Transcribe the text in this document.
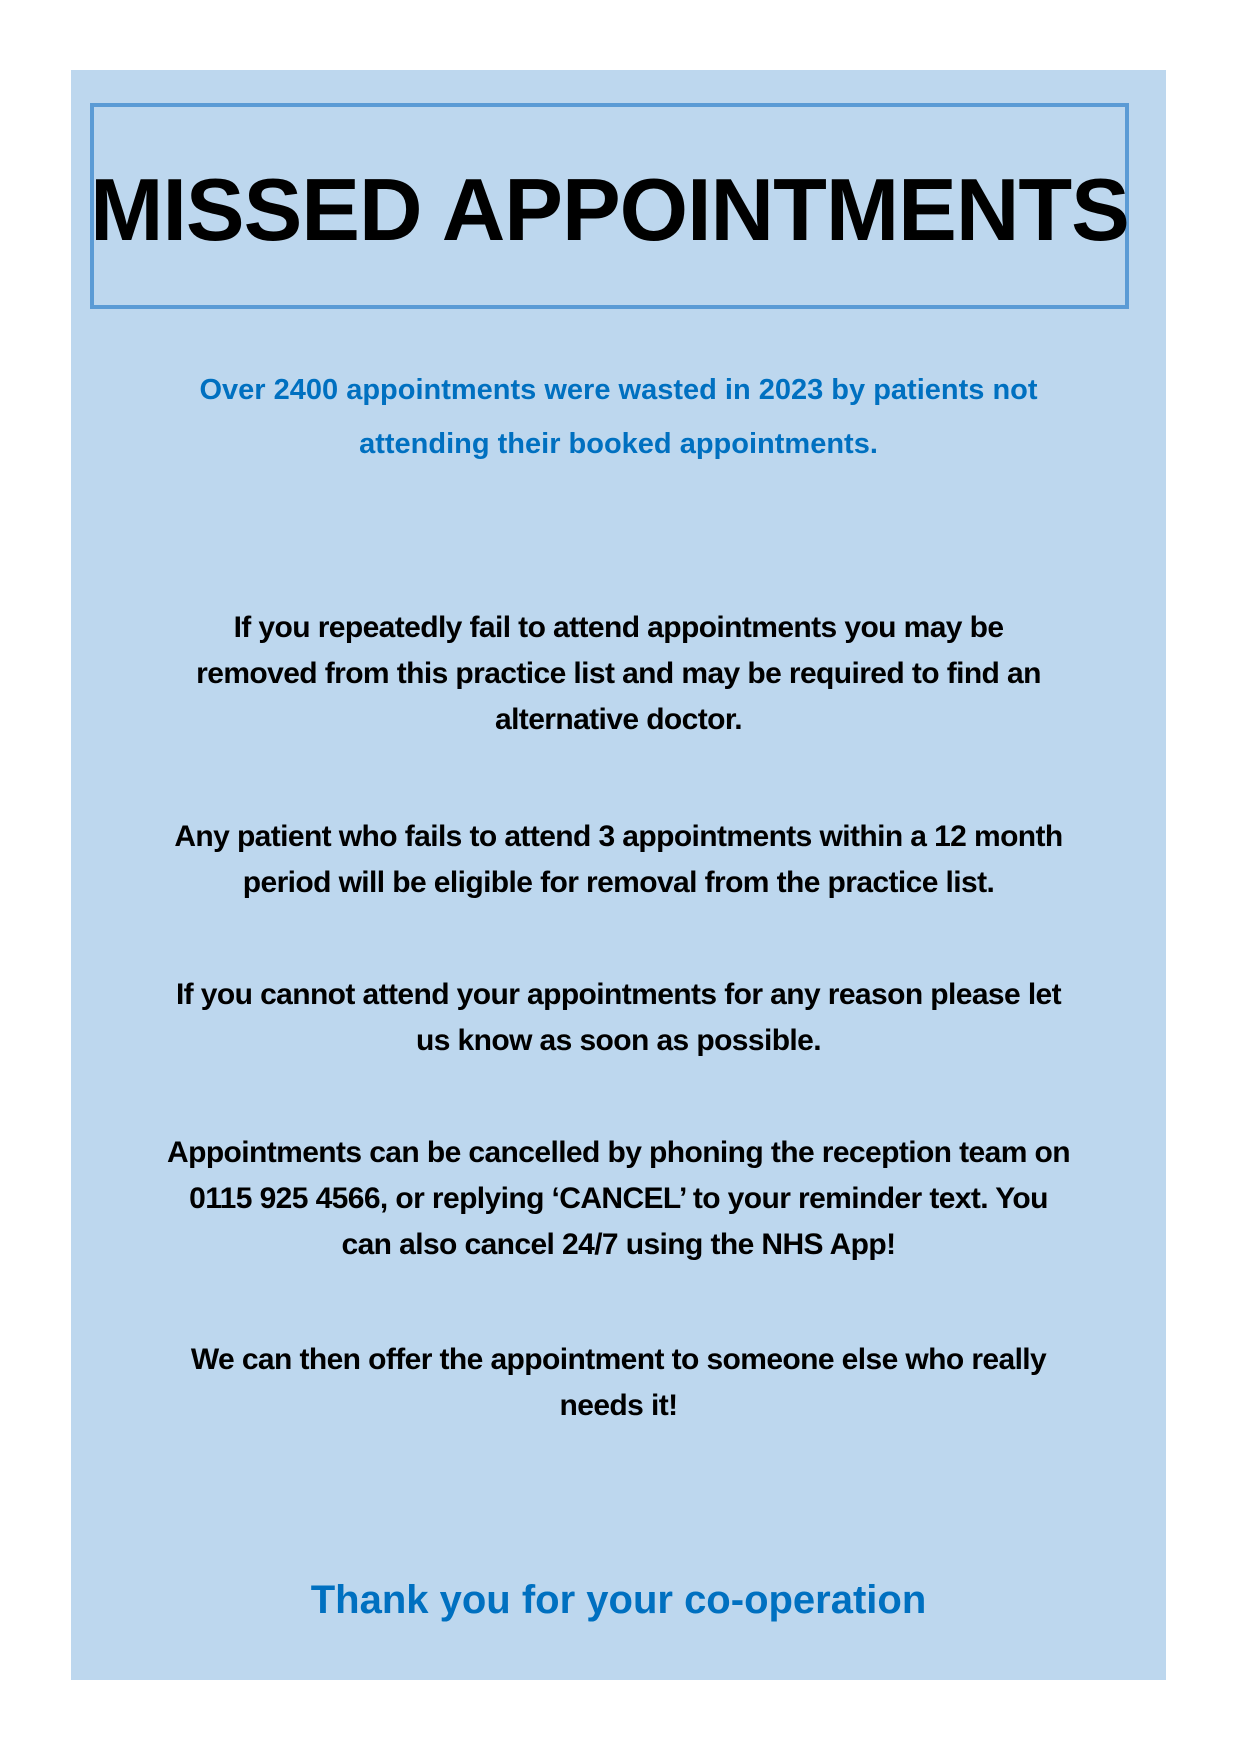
MISSED APPOINTMENTS

Over 2400 appointments were wasted in 2023 by patients not
attending their booked appointments.

If you repeatedly fail to attend appointments you may be
removed from this practice list and may be required to find an
alternative doctor.

Any patient who fails to attend 3 appointments within a 12 month
period will be eligible for removal from the practice list.

If you cannot attend your appointments for any reason please let
us know as soon as possible.

Appointments can be cancelled by phoning the reception team on
0115 925 4566, or replying ‘CANCEL’ to your reminder text. You
can also cancel 24/7 using the NHS App!

We can then offer the appointment to someone else who really
needs it!

Thank you for your co-operation
